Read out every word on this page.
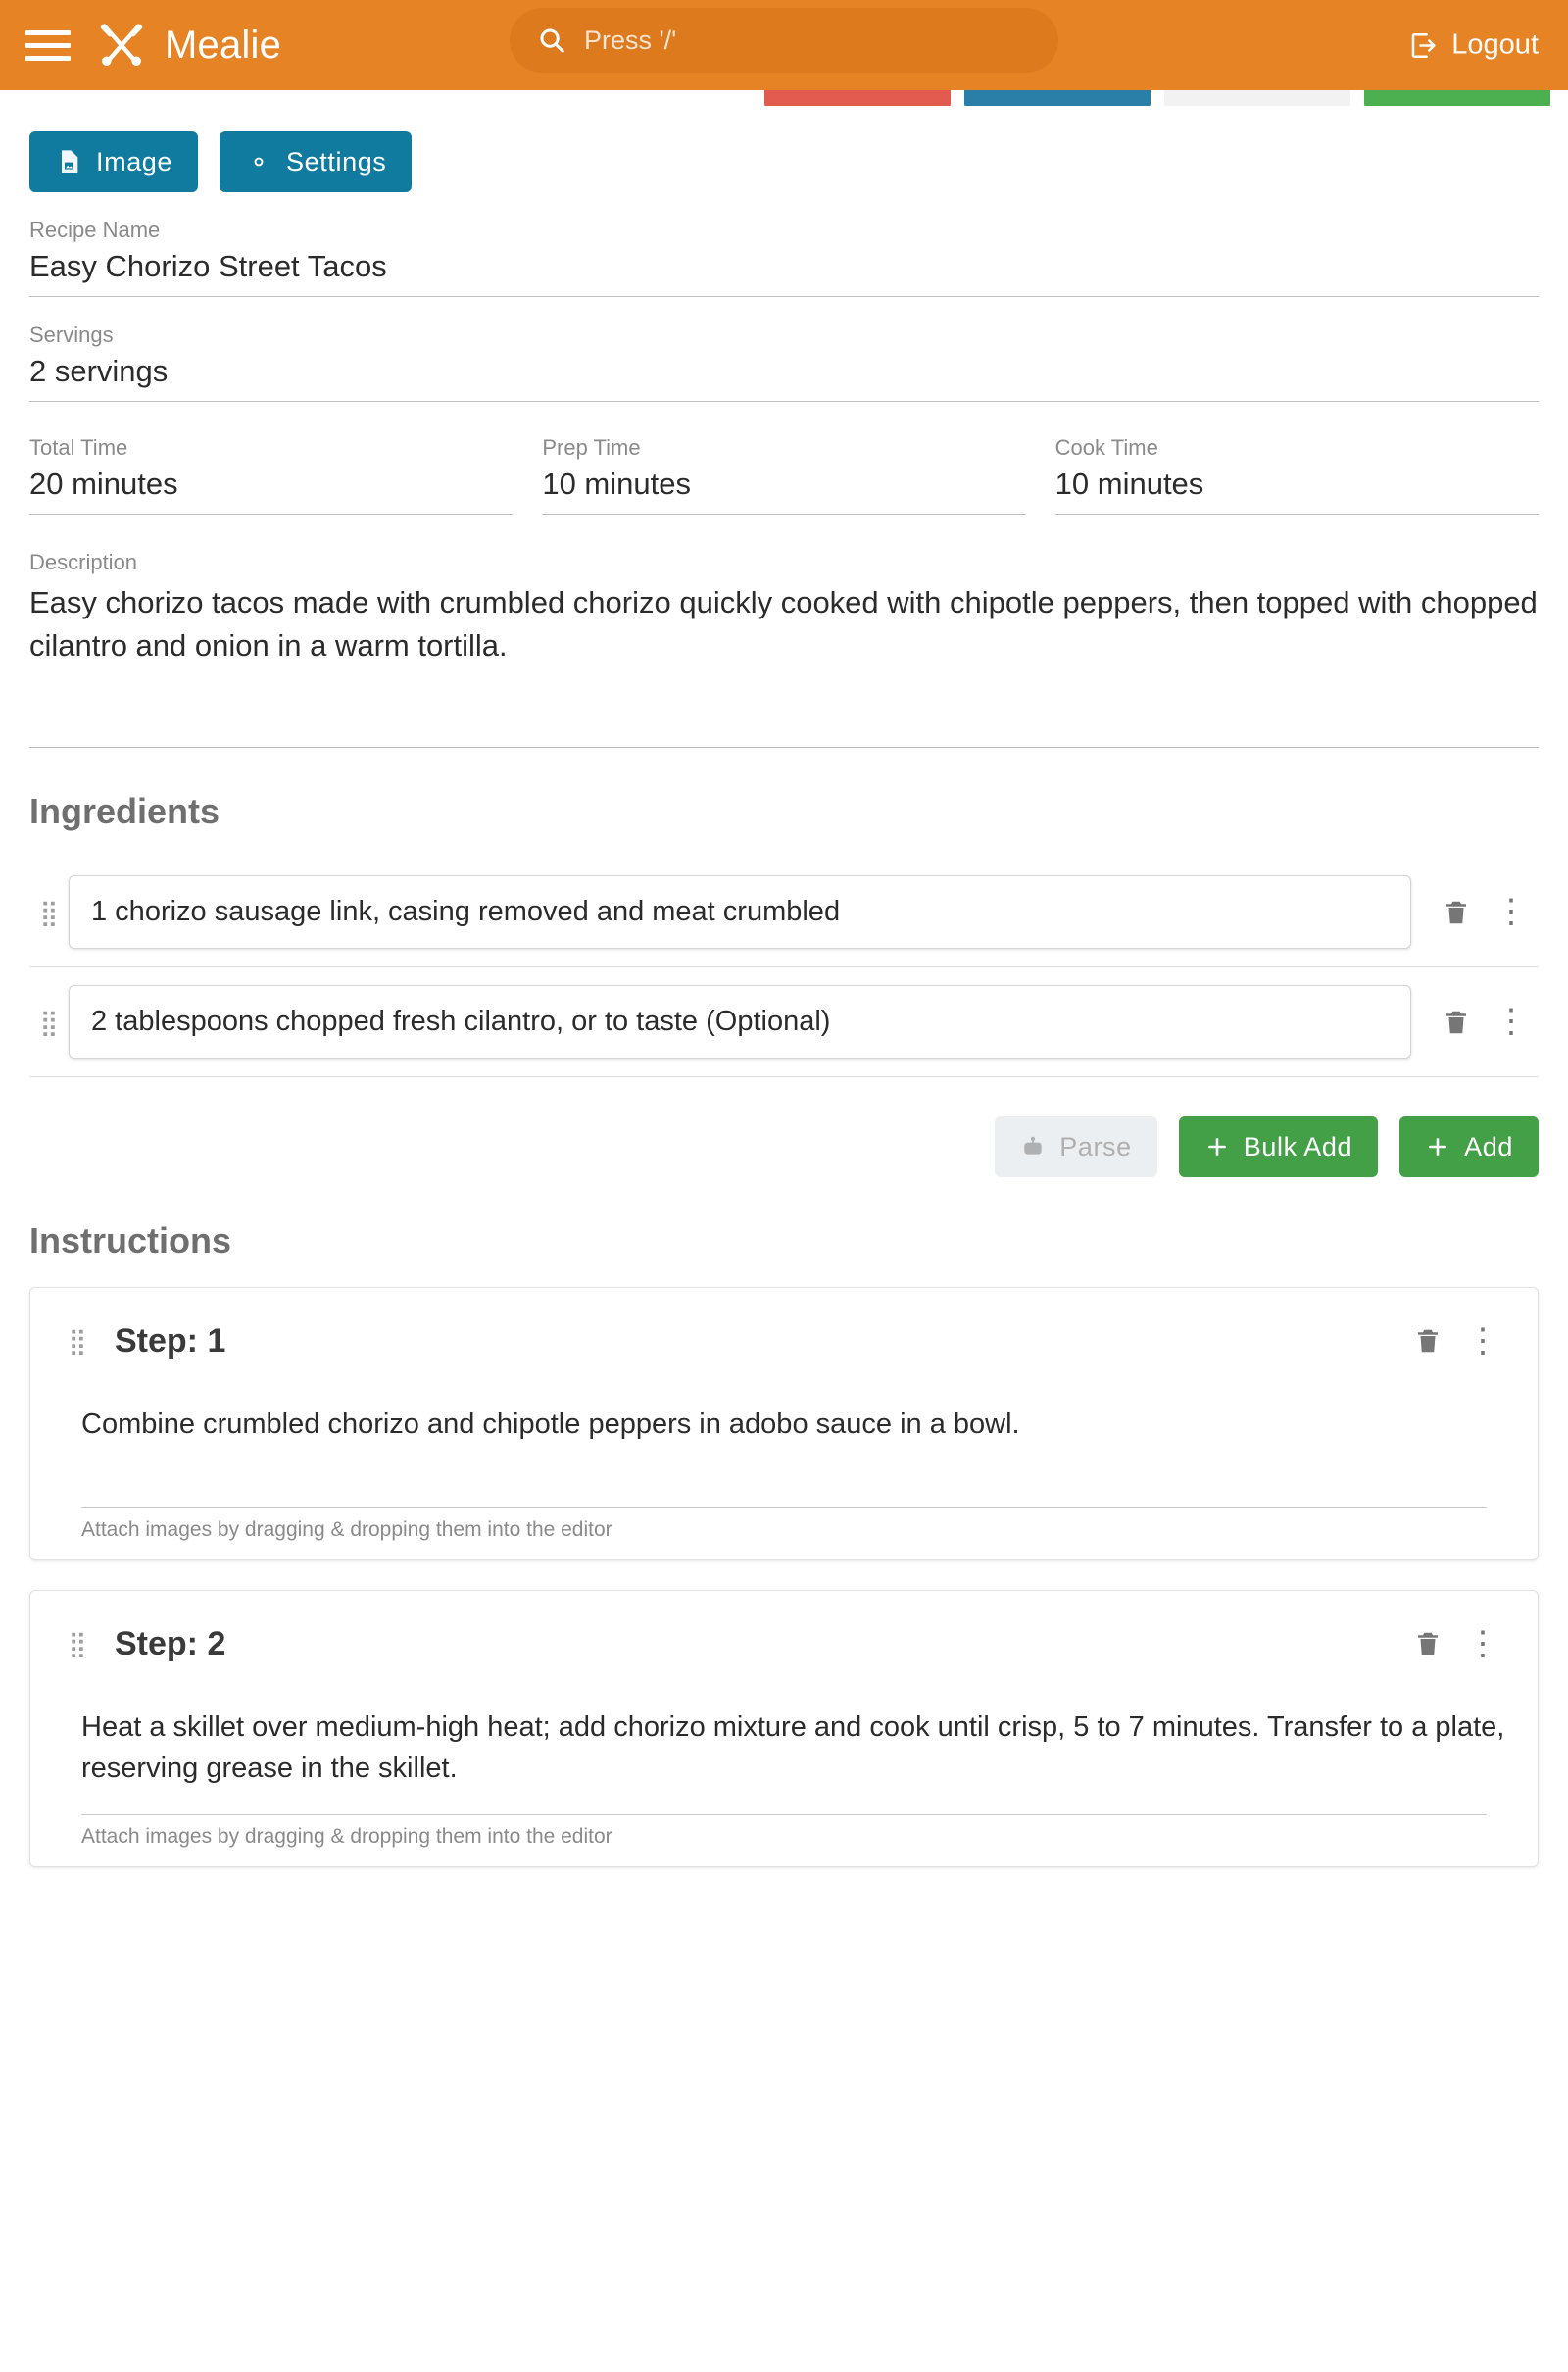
Mealie	Press '/'	Logout
Image	Settings
Recipe Name
Easy Chorizo Street Tacos
Servings
2 servings
Total Time
20 minutes
Prep Time
10 minutes
Cook Time
10 minutes
Description
Easy chorizo tacos made with crumbled chorizo quickly cooked with chipotle peppers, then topped with chopped cilantro and onion in a warm tortilla.
Ingredients
⣿
1 chorizo sausage link, casing removed and meat crumbled	⋮
⣿
2 tablespoons chopped fresh cilantro, or to taste (Optional)	⋮
Parse	Bulk Add	Add
Instructions
⣿ Step: 1	⋮
Combine crumbled chorizo and chipotle peppers in adobo sauce in a bowl.
Attach images by dragging & dropping them into the editor
⣿ Step: 2	⋮
Heat a skillet over medium-high heat; add chorizo mixture and cook until crisp, 5 to 7 minutes. Transfer to a plate, reserving grease in the skillet.
Attach images by dragging & dropping them into the editor
